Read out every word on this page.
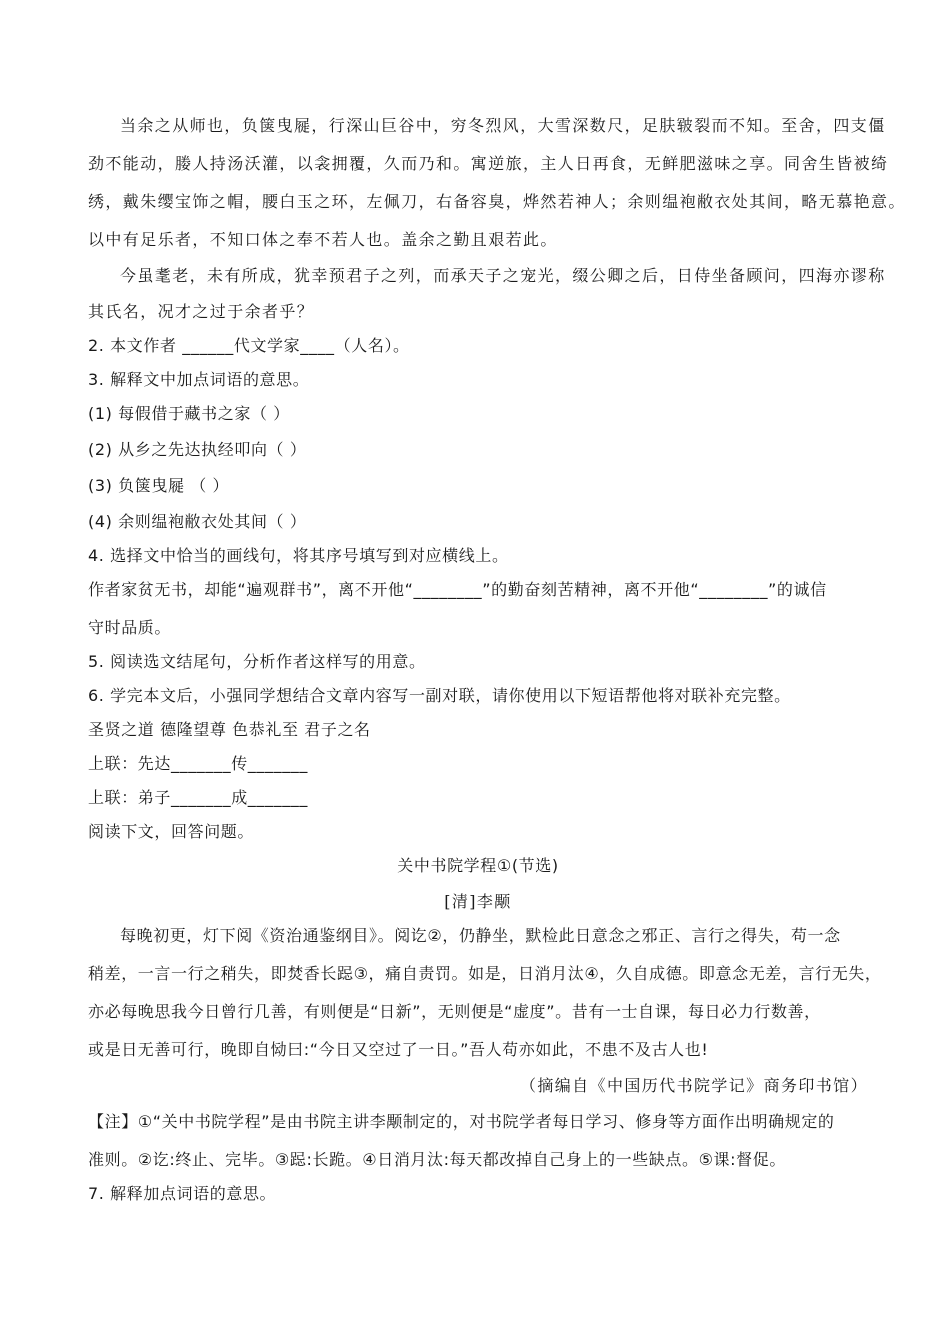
当余之从师也，负箧曳屣，行深山巨谷中，穷冬烈风，大雪深数尺，足肤皲裂而不知。至舍，四支僵

劲不能动，媵人持汤沃灌，以衾拥覆，久而乃和。寓逆旅，主人日再食，无鲜肥滋味之享。同舍生皆被绮

绣，戴朱缨宝饰之帽，腰白玉之环，左佩刀，右备容臭，烨然若神人；余则缊袍敝衣处其间，略无慕艳意。

以中有足乐者，不知口体之奉不若人也。盖余之勤且艰若此。

今虽耄老，未有所成，犹幸预君子之列，而承天子之宠光，缀公卿之后，日侍坐备顾问，四海亦谬称

其氏名，况才之过于余者乎？

2. 本文作者 ______代文学家____（人名）。

3. 解释文中加点词语的意思。

(1) 每假借于藏书之家（ ）

(2) 从乡之先达执经叩向（ ）

(3) 负箧曳屣 （ ）

(4) 余则缊袍敝衣处其间（ ）

4. 选择文中恰当的画线句，将其序号填写到对应横线上。

作者家贫无书，却能“遍观群书”，离不开他“________”的勤奋刻苦精神，离不开他“________”的诚信

守时品质。

5. 阅读选文结尾句，分析作者这样写的用意。

6. 学完本文后，小强同学想结合文章内容写一副对联，请你使用以下短语帮他将对联补充完整。

圣贤之道 德隆望尊 色恭礼至 君子之名

上联：先达_______传_______

上联：弟子_______成_______

阅读下文，回答问题。

关中书院学程①(节选)

[清]李颙

每晚初更，灯下阅《资治通鉴纲目》。阅讫②，仍静坐，默检此日意念之邪正、言行之得失，苟一念

稍差，一言一行之稍失，即焚香长跽③，痛自责罚。如是，日消月汰④，久自成德。即意念无差，言行无失，

亦必每晚思我今日曾行几善，有则便是“日新”，无则便是“虚度”。昔有一士自课，每日必力行数善，

或是日无善可行，晚即自恸曰:“今日又空过了一日。”吾人苟亦如此，不患不及古人也!

（摘编自《中国历代书院学记》商务印书馆）

【注】①“关中书院学程”是由书院主讲李颙制定的，对书院学者每日学习、修身等方面作出明确规定的

准则。②讫:终止、完毕。③跽:长跪。④日消月汰:每天都改掉自己身上的一些缺点。⑤课:督促。

7. 解释加点词语的意思。
